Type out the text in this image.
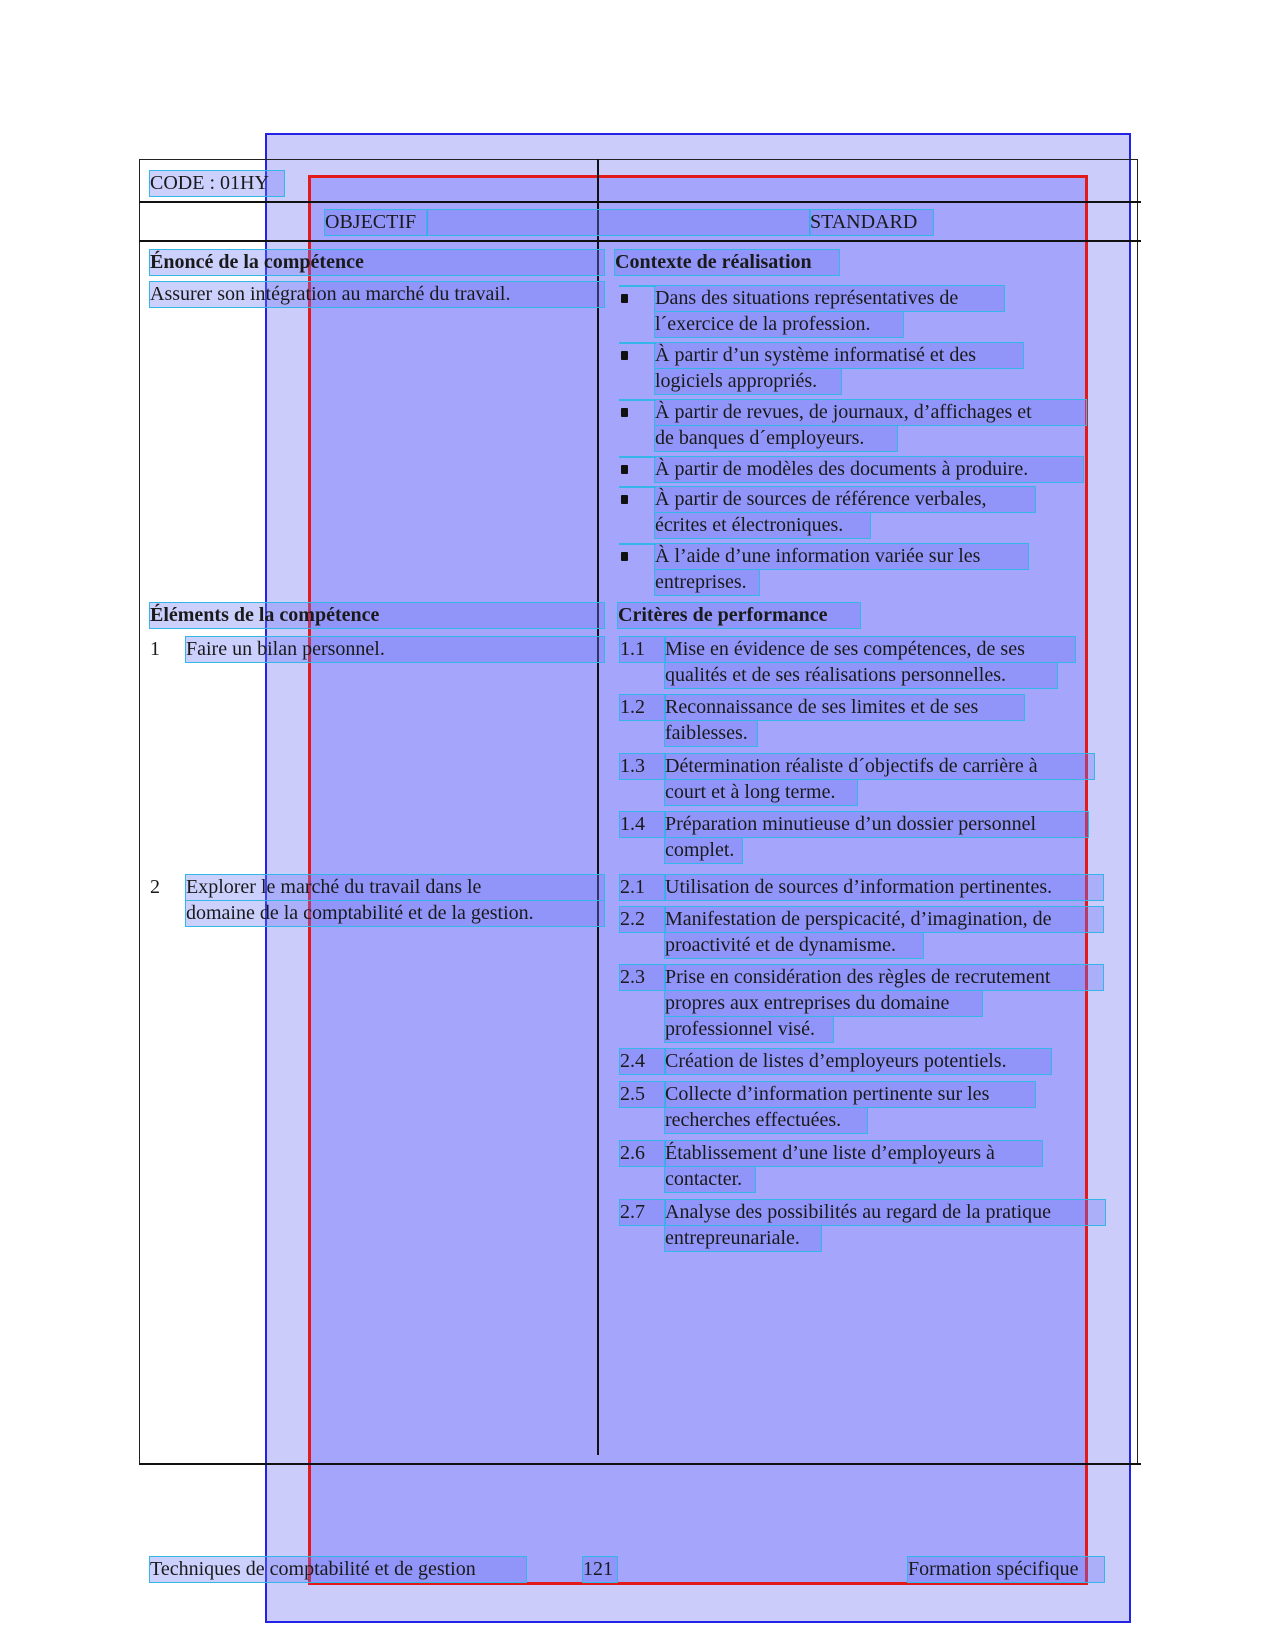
CODE : 01HY
OBJECTIF	STANDARD
Énoncé de la compétence
Assurer son intégration au marché du travail.
Éléments de la compétence
1 Faire un bilan personnel.
2 Explorer le marché du travail dans le
domaine de la comptabilité et de la gestion.
Contexte de réalisation
Dans des situations représentatives de
l´exercice de la profession.
À partir d’un système informatisé et des
logiciels appropriés.
À partir de revues, de journaux, d’affichages et
de banques d´employeurs.
À partir de modèles des documents à produire.
À partir de sources de référence verbales,
écrites et électroniques.
À l’aide d’une information variée sur les
entreprises.
Critères de performance
1.1	Mise en évidence de ses compétences, de ses
qualités et de ses réalisations personnelles.
1.2	Reconnaissance de ses limites et de ses
faiblesses.
1.3	Détermination réaliste d´objectifs de carrière à
court et à long terme.
1.4	Préparation minutieuse d’un dossier personnel
complet.
2.1	Utilisation de sources d’information pertinentes.
2.2	Manifestation de perspicacité, d’imagination, de
proactivité et de dynamisme.
2.3	Prise en considération des règles de recrutement
propres aux entreprises du domaine
professionnel visé.
2.4	Création de listes d’employeurs potentiels.
2.5	Collecte d’information pertinente sur les
recherches effectuées.
2.6	Établissement d’une liste d’employeurs à
contacter.
2.7	Analyse des possibilités au regard de la pratique
entrepreunariale.
Techniques de comptabilité et de gestion	121	Formation spécifique
